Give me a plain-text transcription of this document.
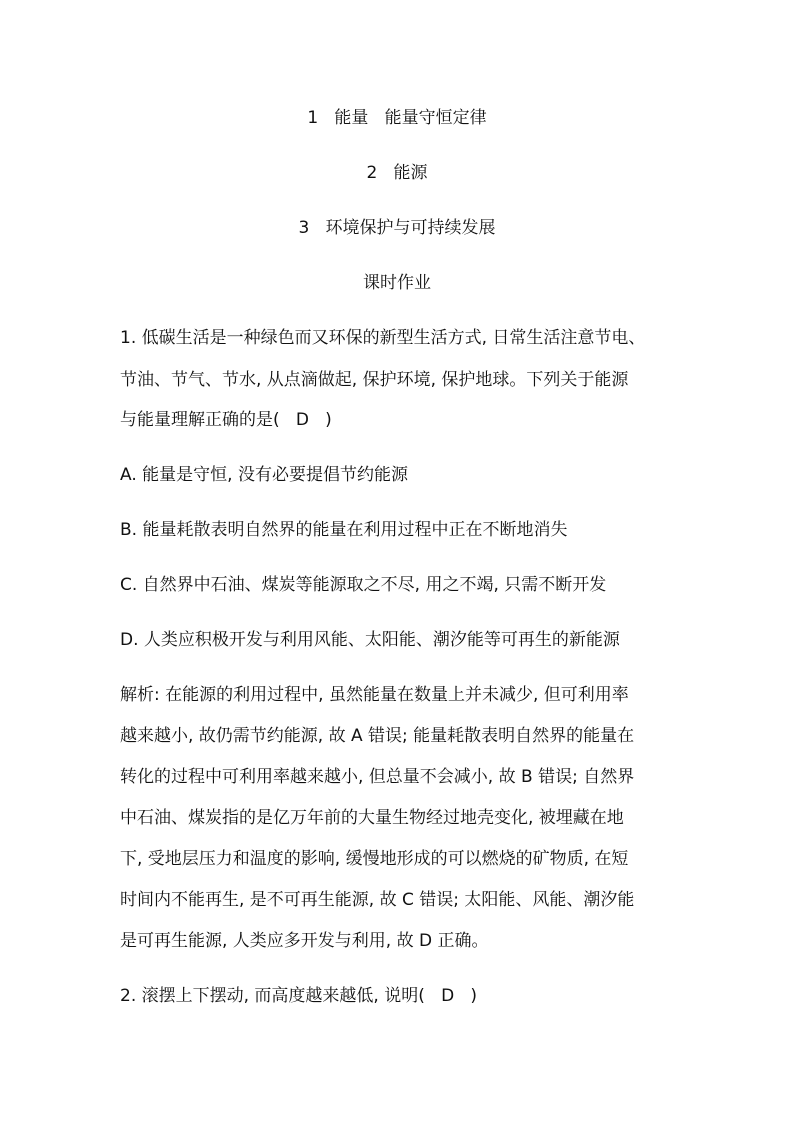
1   能量   能量守恒定律
2   能源
3   环境保护与可持续发展
课时作业
1. 低碳生活是一种绿色而又环保的新型生活方式, 日常生活注意节电、
节油、节气、节水, 从点滴做起, 保护环境, 保护地球。下列关于能源
与能量理解正确的是(   D   )
A. 能量是守恒, 没有必要提倡节约能源
B. 能量耗散表明自然界的能量在利用过程中正在不断地消失
C. 自然界中石油、煤炭等能源取之不尽, 用之不竭, 只需不断开发
D. 人类应积极开发与利用风能、太阳能、潮汐能等可再生的新能源
解析: 在能源的利用过程中, 虽然能量在数量上并未减少, 但可利用率
越来越小, 故仍需节约能源, 故 A 错误; 能量耗散表明自然界的能量在
转化的过程中可利用率越来越小, 但总量不会减小, 故 B 错误; 自然界
中石油、煤炭指的是亿万年前的大量生物经过地壳变化, 被埋藏在地
下, 受地层压力和温度的影响, 缓慢地形成的可以燃烧的矿物质, 在短
时间内不能再生, 是不可再生能源, 故 C 错误; 太阳能、风能、潮汐能
是可再生能源, 人类应多开发与利用, 故 D 正确。
2. 滚摆上下摆动, 而高度越来越低, 说明(   D   )
